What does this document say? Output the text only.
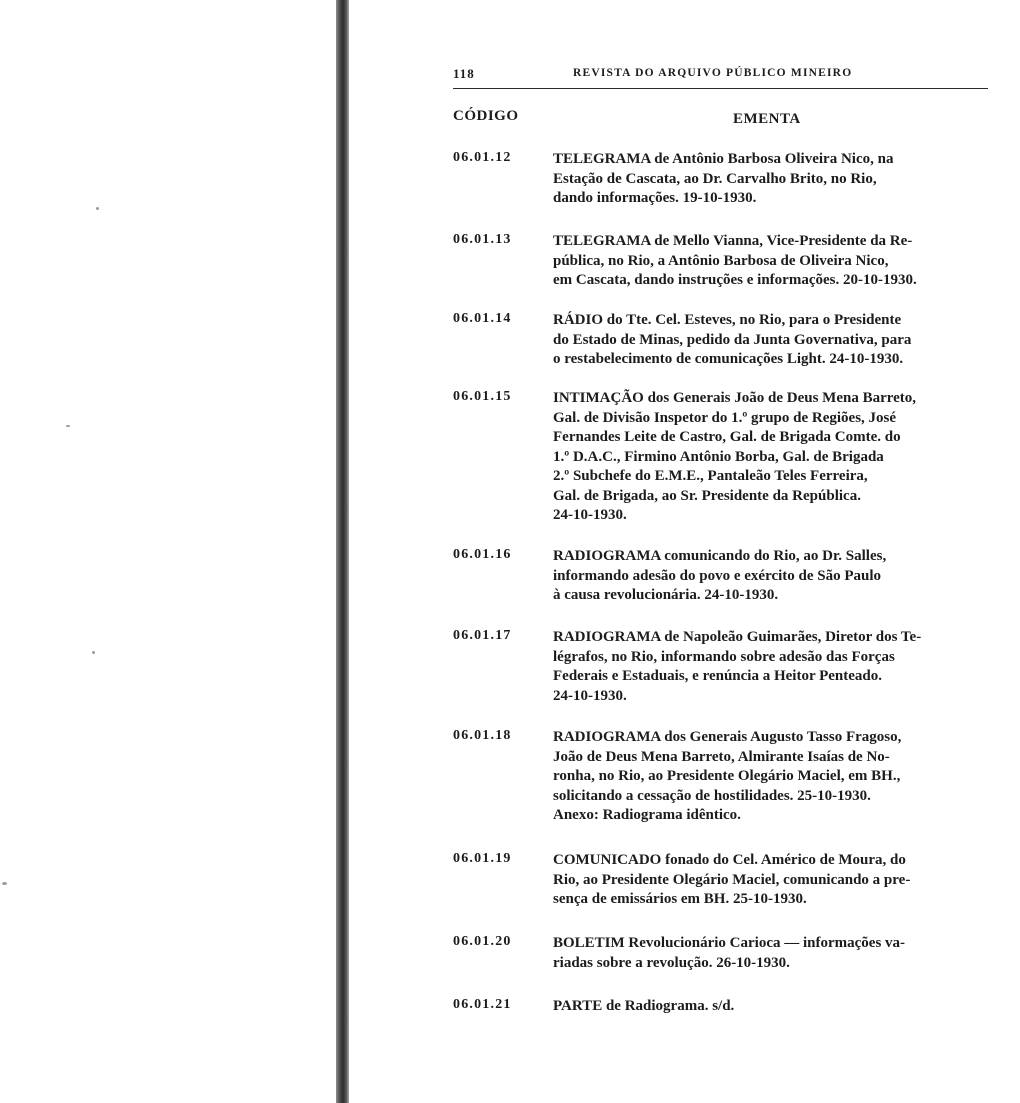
118	REVISTA DO ARQUIVO PÚBLICO MINEIRO
CÓDIGO	EMENTA
06.01.12	TELEGRAMA de Antônio Barbosa Oliveira Nico, na
Estação de Cascata, ao Dr. Carvalho Brito, no Rio,
dando informações. 19-10-1930.
06.01.13	TELEGRAMA de Mello Vianna, Vice-Presidente da Re-
pública, no Rio, a Antônio Barbosa de Oliveira Nico,
em Cascata, dando instruções e informações. 20-10-1930.
06.01.14	RÁDIO do Tte. Cel. Esteves, no Rio, para o Presidente
do Estado de Minas, pedido da Junta Governativa, para
o restabelecimento de comunicações Light. 24-10-1930.
06.01.15	INTIMAÇÃO dos Generais João de Deus Mena Barreto,
Gal. de Divisão Inspetor do 1.º grupo de Regiões, José
Fernandes Leite de Castro, Gal. de Brigada Comte. do
1.º D.A.C., Firmino Antônio Borba, Gal. de Brigada
2.º Subchefe do E.M.E., Pantaleão Teles Ferreira,
Gal. de Brigada, ao Sr. Presidente da República.
24-10-1930.
06.01.16	RADIOGRAMA comunicando do Rio, ao Dr. Salles,
informando adesão do povo e exército de São Paulo
à causa revolucionária. 24-10-1930.
06.01.17	RADIOGRAMA de Napoleão Guimarães, Diretor dos Te-
légrafos, no Rio, informando sobre adesão das Forças
Federais e Estaduais, e renúncia a Heitor Penteado.
24-10-1930.
06.01.18	RADIOGRAMA dos Generais Augusto Tasso Fragoso,
João de Deus Mena Barreto, Almirante Isaías de No-
ronha, no Rio, ao Presidente Olegário Maciel, em BH.,
solicitando a cessação de hostilidades. 25-10-1930.
Anexo: Radiograma idêntico.
06.01.19	COMUNICADO fonado do Cel. Américo de Moura, do
Rio, ao Presidente Olegário Maciel, comunicando a pre-
sença de emissários em BH. 25-10-1930.
06.01.20	BOLETIM Revolucionário Carioca — informações va-
riadas sobre a revolução. 26-10-1930.
06.01.21	PARTE de Radiograma. s/d.
